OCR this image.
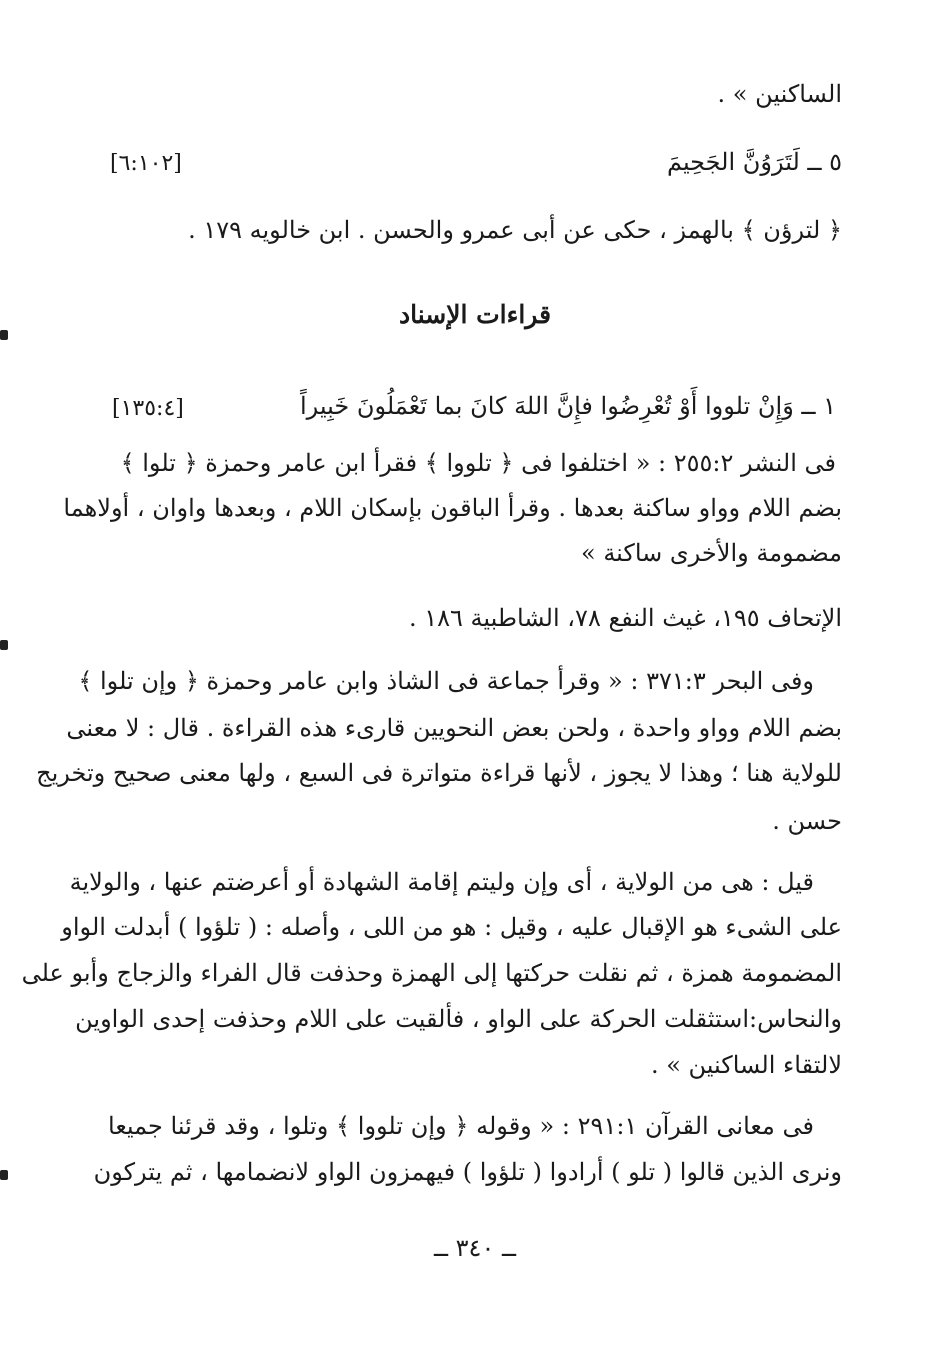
الساكنين » .
٥ ــ لَتَرَوُنَّ الجَحِيمَ
[٦:١٠٢]
﴿ لترؤن ﴾ بالهمز ، حكى عن أبى عمرو والحسن . ابن خالويه ١٧٩ .
قراءات الإسناد
١ ــ وَإِنْ تلووا أَوْ تُعْرِضُوا فإِنَّ اللهَ كانَ بما تَعْمَلُونَ خَبِيراً
[١٣٥:٤]
فى النشر ٢٥٥:٢ : « اختلفوا فى ﴿ تلووا ﴾ فقرأ ابن عامر وحمزة ﴿ تلوا ﴾
بضم اللام وواو ساكنة بعدها . وقرأ الباقون بإسكان اللام ، وبعدها واوان ، أولاهما
مضمومة والأخرى ساكنة »
الإتحاف ١٩٥، غيث النفع ٧٨، الشاطبية ١٨٦ .
وفى البحر ٣٧١:٣ : « وقرأ جماعة فى الشاذ وابن عامر وحمزة ﴿ وإن تلوا ﴾
بضم اللام وواو واحدة ، ولحن بعض النحويين قارىء هذه القراءة . قال : لا معنى
للولاية هنا ؛ وهذا لا يجوز ، لأنها قراءة متواترة فى السبع ، ولها معنى صحيح وتخريج
حسن .
قيل : هى من الولاية ، أى وإن وليتم إقامة الشهادة أو أعرضتم عنها ، والولاية
على الشىء هو الإقبال عليه ، وقيل : هو من اللى ، وأصله : ( تلؤوا ) أبدلت الواو
المضمومة همزة ، ثم نقلت حركتها إلى الهمزة وحذفت قال الفراء والزجاج وأبو على
والنحاس:استثقلت الحركة على الواو ، فألقيت على اللام وحذفت إحدى الواوين
لالتقاء الساكنين » .
فى معانى القرآن ٢٩١:١ : « وقوله ﴿ وإن تلووا ﴾ وتلوا ، وقد قرئنا جميعا
ونرى الذين قالوا ( تلو ) أرادوا ( تلؤوا ) فيهمزون الواو لانضمامها ، ثم يتركون
ــ ٣٤٠ ــ
